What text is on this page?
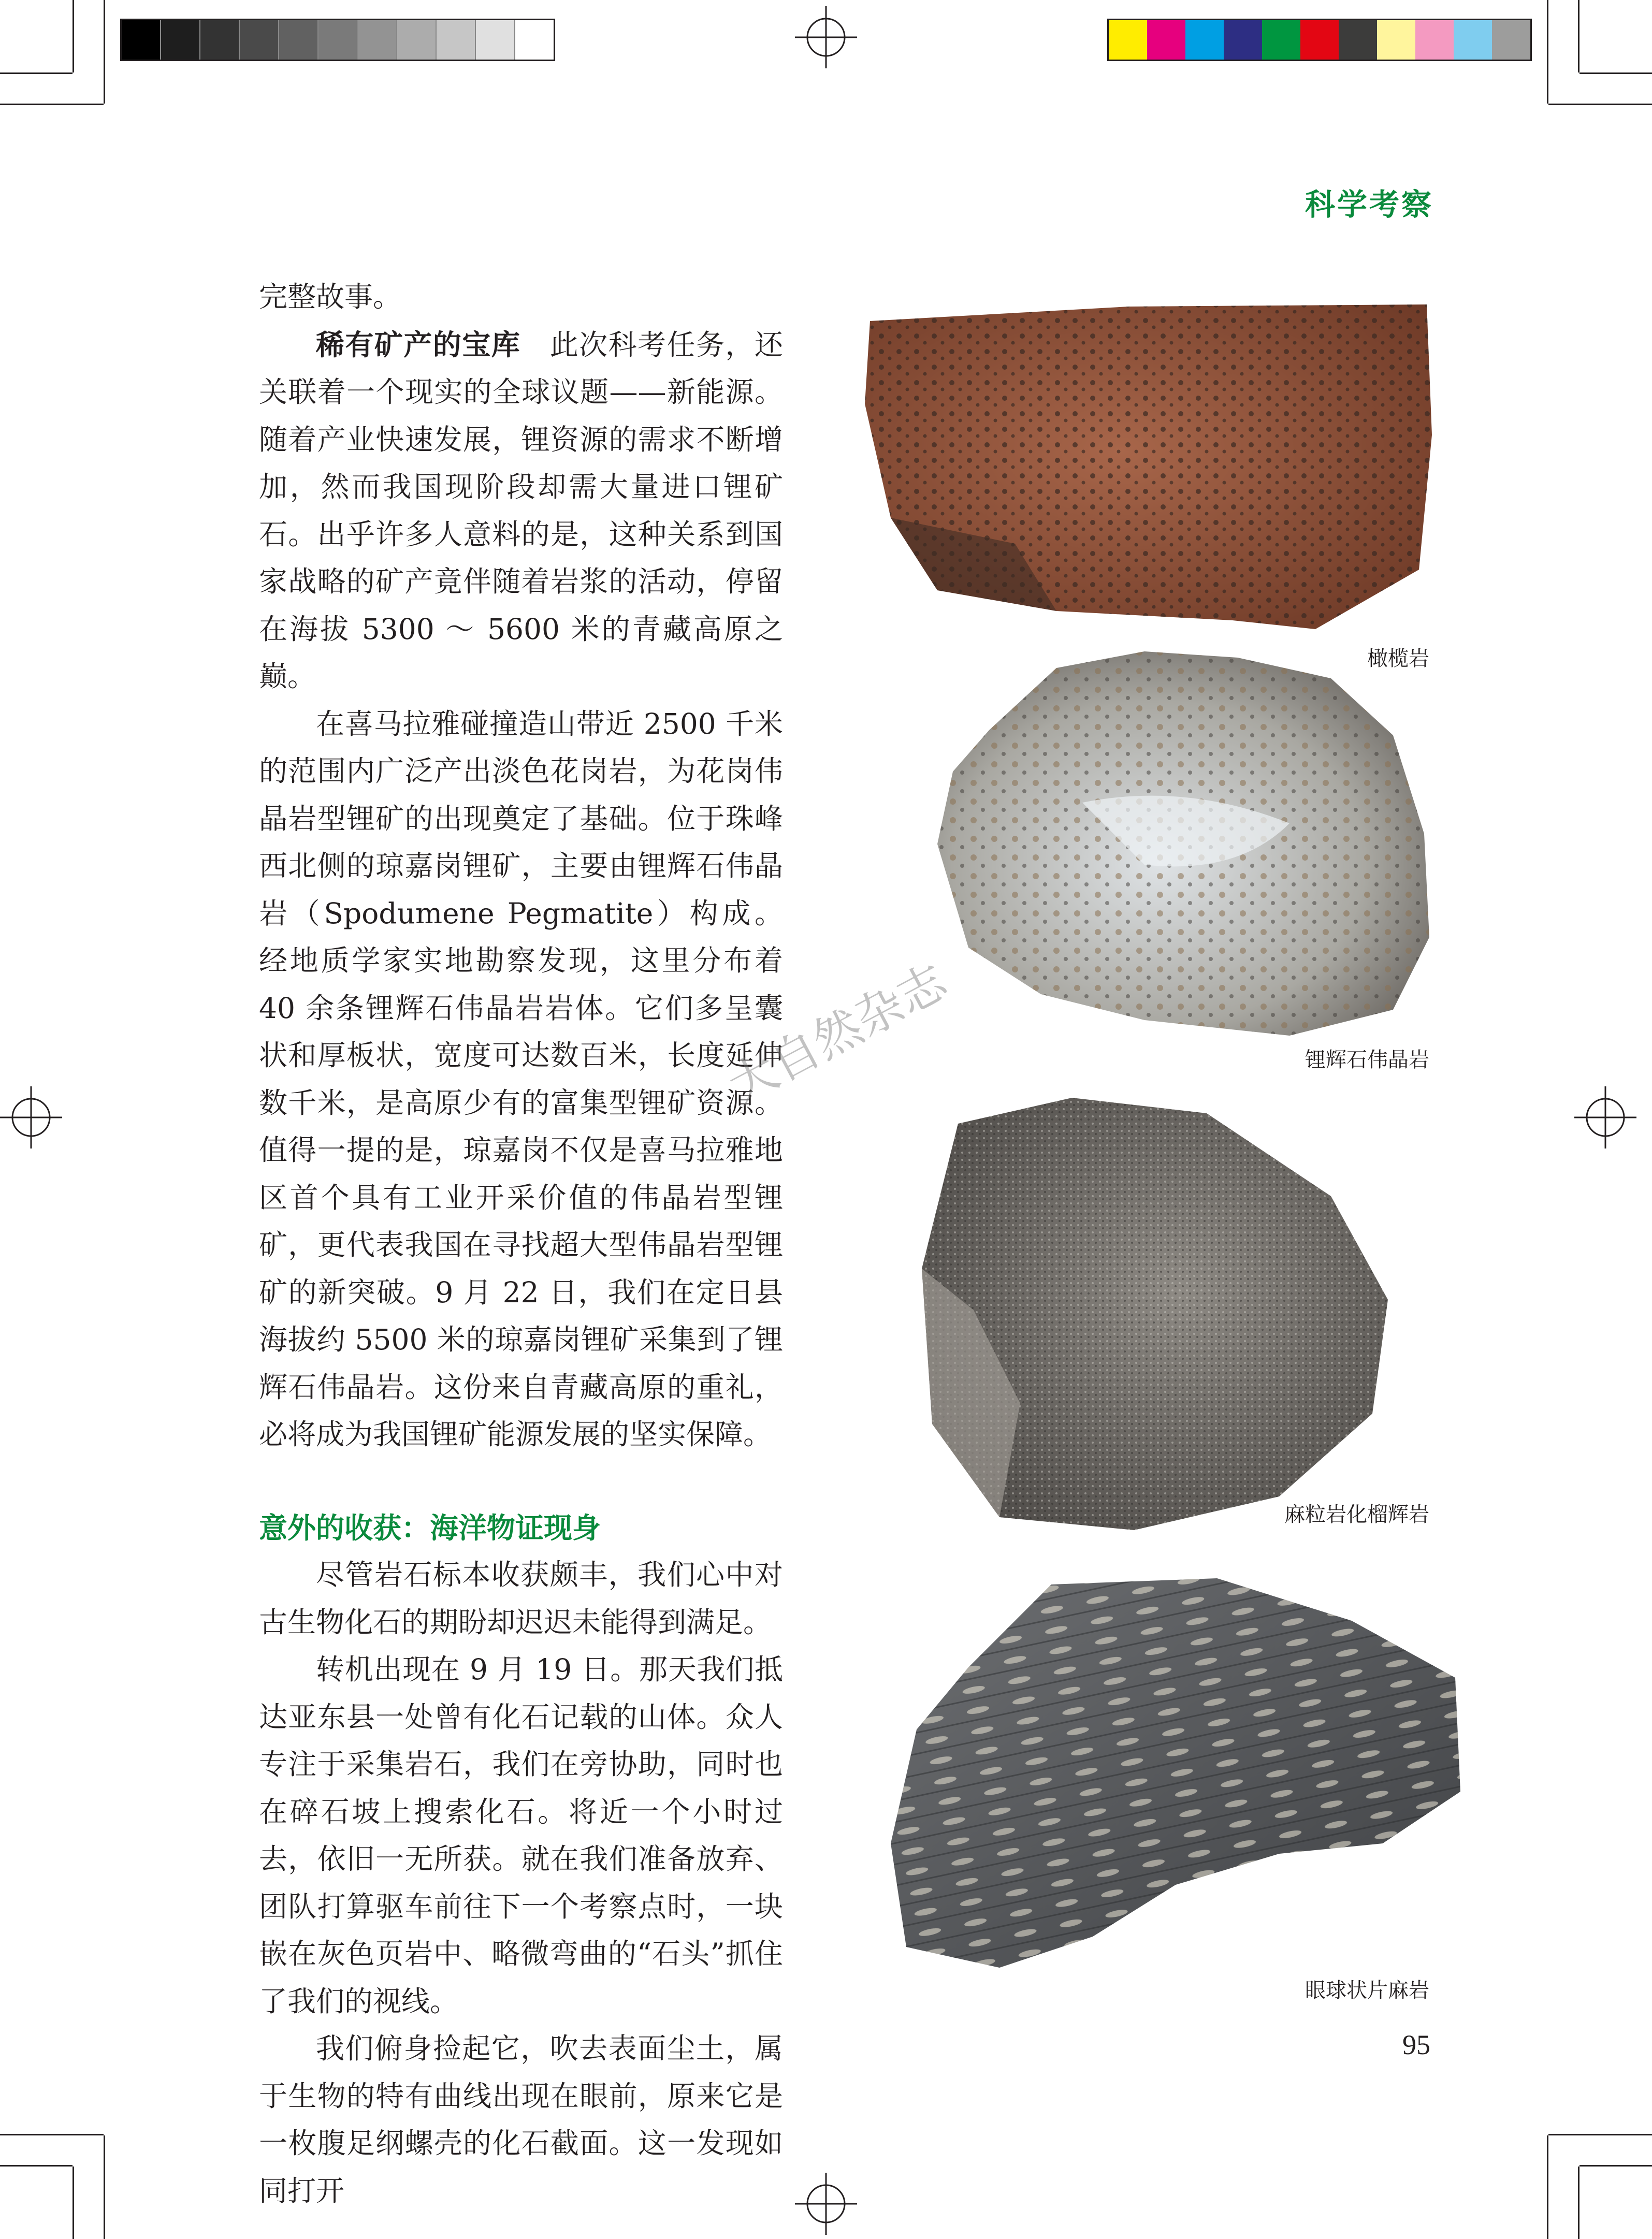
科学考察

完整故事。

稀有矿产的宝库　 此次科考任务，还关联着一个现实的全球议题——新能源。随着产业快速发展，锂资源的需求不断增加，然而我国现阶段却需大量进口锂矿石。出乎许多人意料的是，这种关系到国家战略的矿产竟伴随着岩浆的活动，停留在海拔 5300 ～ 5600 米的青藏高原之巅。

在喜马拉雅碰撞造山带近 2500 千米的范围内广泛产出淡色花岗岩，为花岗伟晶岩型锂矿的出现奠定了基础。位于珠峰西北侧的琼嘉岗锂矿，主要由锂辉石伟晶岩（Spodumene Pegmatite）构成。经地质学家实地勘察发现，这里分布着 40 余条锂辉石伟晶岩岩体。它们多呈囊状和厚板状，宽度可达数百米，长度延伸数千米，是高原少有的富集型锂矿资源。值得一提的是，琼嘉岗不仅是喜马拉雅地区首个具有工业开采价值的伟晶岩型锂矿，更代表我国在寻找超大型伟晶岩型锂矿的新突破。9 月 22 日，我们在定日县海拔约 5500 米的琼嘉岗锂矿采集到了锂辉石伟晶岩。这份来自青藏高原的重礼，必将成为我国锂矿能源发展的坚实保障。

意外的收获：海洋物证现身

尽管岩石标本收获颇丰，我们心中对古生物化石的期盼却迟迟未能得到满足。

转机出现在 9 月 19 日。那天我们抵达亚东县一处曾有化石记载的山体。众人专注于采集岩石，我们在旁协助，同时也在碎石坡上搜索化石。将近一个小时过去，依旧一无所获。就在我们准备放弃、团队打算驱车前往下一个考察点时，一块嵌在灰色页岩中、略微弯曲的“石头”抓住了我们的视线。

我们俯身捡起它，吹去表面尘土，属于生物的特有曲线出现在眼前，原来它是一枚腹足纲螺壳的化石截面。这一发现如同打开

橄榄岩
锂辉石伟晶岩
麻粒岩化榴辉岩
眼球状片麻岩
大自然杂志
95
